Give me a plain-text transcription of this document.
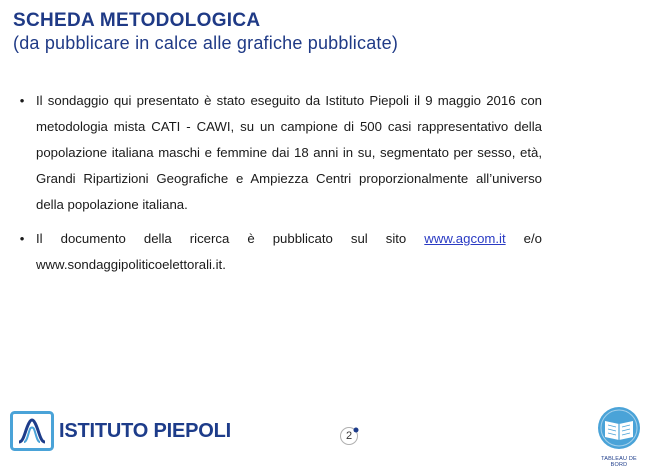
SCHEDA METODOLOGICA
(da pubblicare in calce alle grafiche pubblicate)
• Il sondaggio qui presentato è stato eseguito da Istituto Piepoli il 9 maggio 2016 con metodologia mista CATI - CAWI, su un campione di 500 casi rappresentativo della popolazione italiana maschi e femmine dai 18 anni in su, segmentato per sesso, età, Grandi Ripartizioni Geografiche e Ampiezza Centri proporzionalmente all’universo della popolazione italiana.

• Il documento della ricerca è pubblicato sul sito www.agcom.it e/o www.sondaggipoliticoelettorali.it.

ISTITUTO PIEPOLI	2
TABLEAU DE BORD
